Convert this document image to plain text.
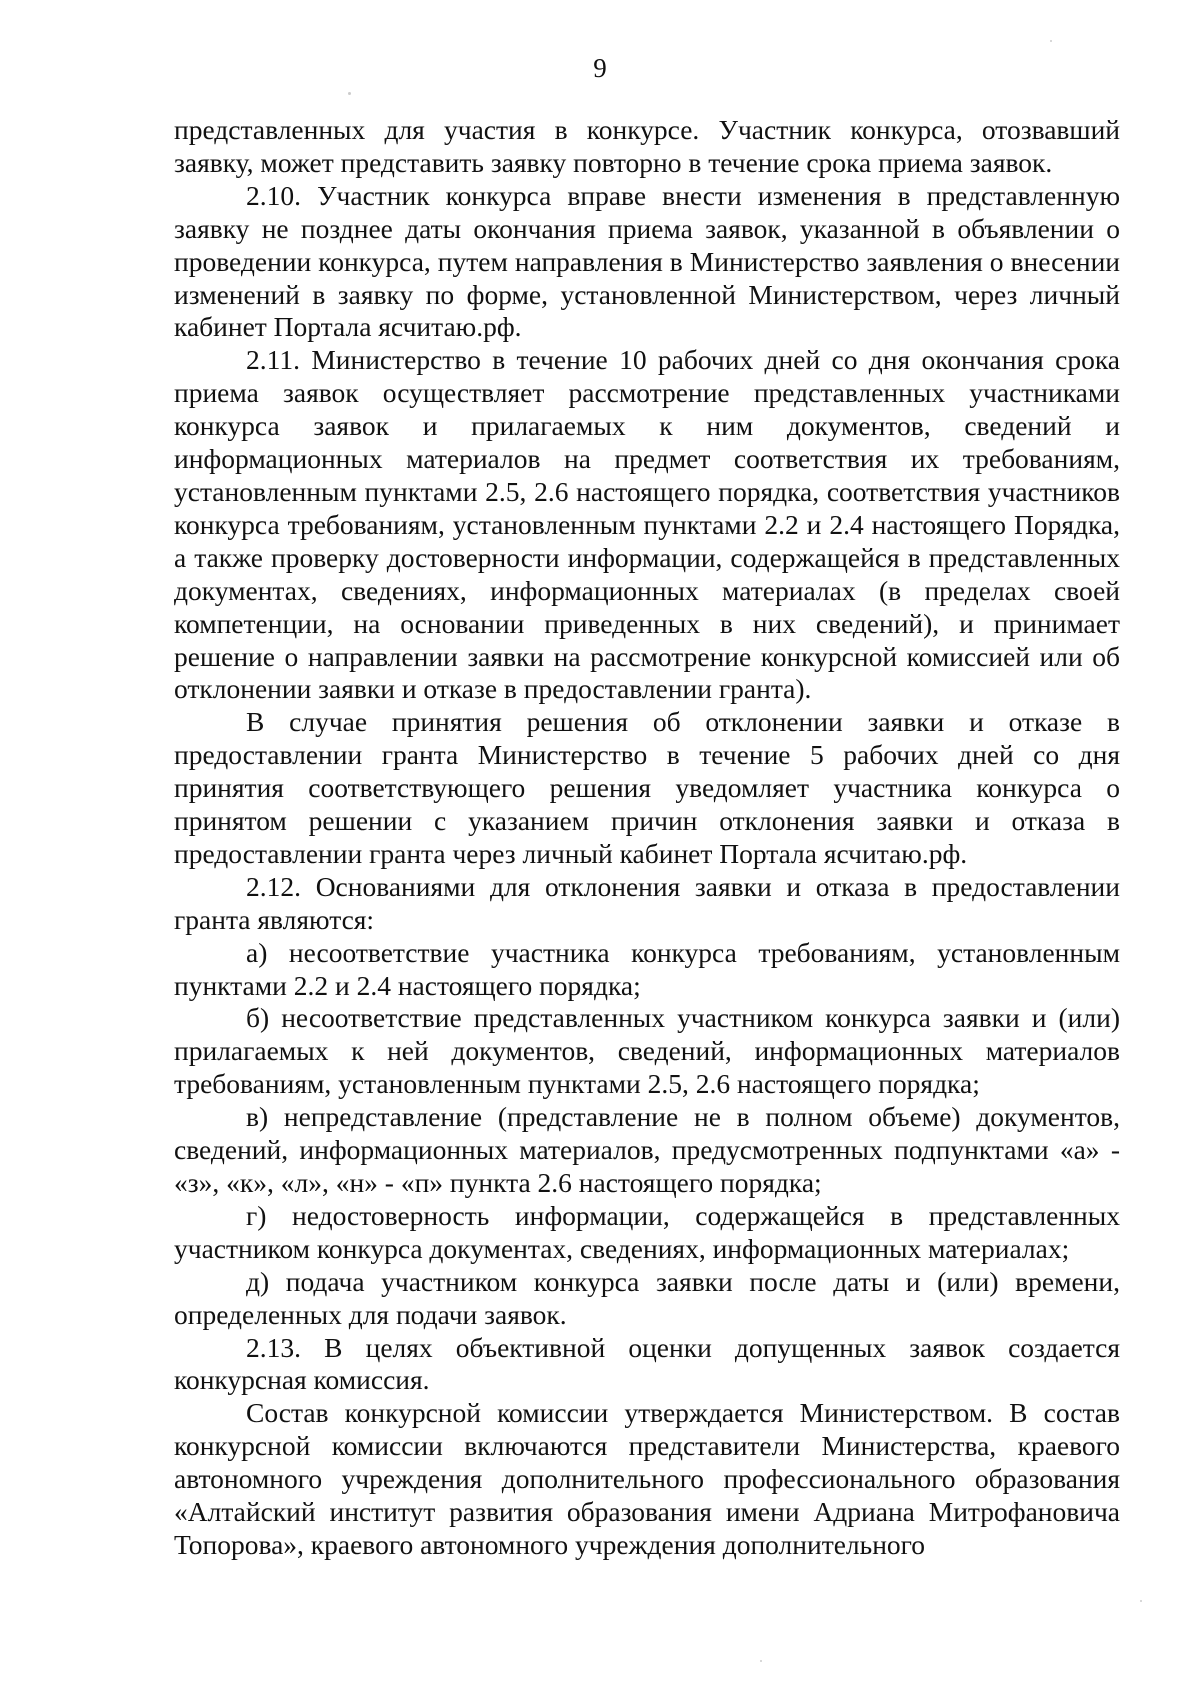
9

представленных для участия в конкурсе. Участник конкурса, отозвавший заявку, может представить заявку повторно в течение срока приема заявок.

2.10. Участник конкурса вправе внести изменения в представленную заявку не позднее даты окончания приема заявок, указанной в объявлении о проведении конкурса, путем направления в Министерство заявления о внесении изменений в заявку по форме, установленной Министерством, через личный кабинет Портала ясчитаю.рф.

2.11. Министерство в течение 10 рабочих дней со дня окончания срока приема заявок осуществляет рассмотрение представленных участниками конкурса заявок и прилагаемых к ним документов, сведений и информационных материалов на предмет соответствия их требованиям, установленным пунктами 2.5, 2.6 настоящего порядка, соответствия участников конкурса требованиям, установленным пунктами 2.2 и 2.4 настоящего Порядка, а также проверку достоверности информации, содержащейся в представленных документах, сведениях, информационных материалах (в пределах своей компетенции, на основании приведенных в них сведений), и принимает решение о направлении заявки на рассмотрение конкурсной комиссией или об отклонении заявки и отказе в предоставлении гранта).

В случае принятия решения об отклонении заявки и отказе в предоставлении гранта Министерство в течение 5 рабочих дней со дня принятия соответствующего решения уведомляет участника конкурса о принятом решении с указанием причин отклонения заявки и отказа в предоставлении гранта через личный кабинет Портала ясчитаю.рф.

2.12. Основаниями для отклонения заявки и отказа в предоставлении гранта являются:

а) несоответствие участника конкурса требованиям, установленным пунктами 2.2 и 2.4 настоящего порядка;

б) несоответствие представленных участником конкурса заявки и (или) прилагаемых к ней документов, сведений, информационных материалов требованиям, установленным пунктами 2.5, 2.6 настоящего порядка;

в) непредставление (представление не в полном объеме) документов, сведений, информационных материалов, предусмотренных подпунктами «а» - «з», «к», «л», «н» - «п» пункта 2.6 настоящего порядка;

г) недостоверность информации, содержащейся в представленных участником конкурса документах, сведениях, информационных материалах;

д) подача участником конкурса заявки после даты и (или) времени, определенных для подачи заявок.

2.13. В целях объективной оценки допущенных заявок создается конкурсная комиссия.

Состав конкурсной комиссии утверждается Министерством. В состав конкурсной комиссии включаются представители Министерства, краевого автономного учреждения дополнительного профессионального образования «Алтайский институт развития образования имени Адриана Митрофановича Топорова», краевого автономного учреждения дополнительного
